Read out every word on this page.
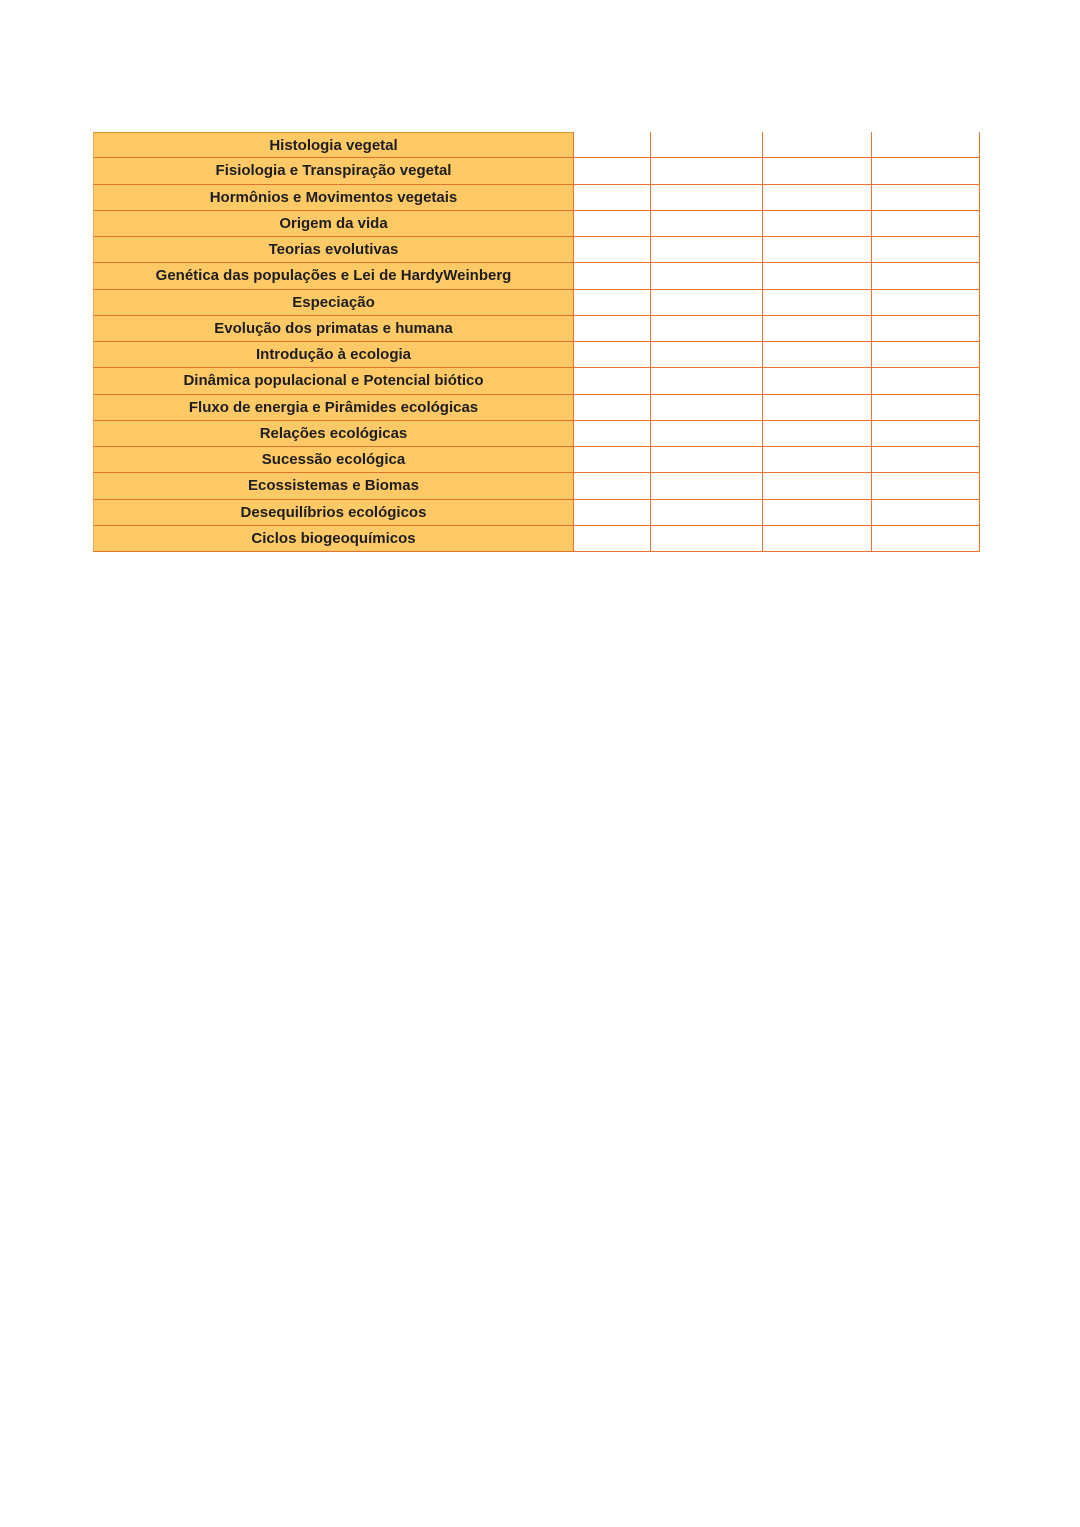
Histologia vegetal
Fisiologia e Transpiração vegetal
Hormônios e Movimentos vegetais
Origem da vida
Teorias evolutivas
Genética das populações e Lei de HardyWeinberg
Especiação
Evolução dos primatas e humana
Introdução à ecologia
Dinâmica populacional e Potencial biótico
Fluxo de energia e Pirâmides ecológicas
Relações ecológicas
Sucessão ecológica
Ecossistemas e Biomas
Desequilíbrios ecológicos
Ciclos biogeoquímicos
